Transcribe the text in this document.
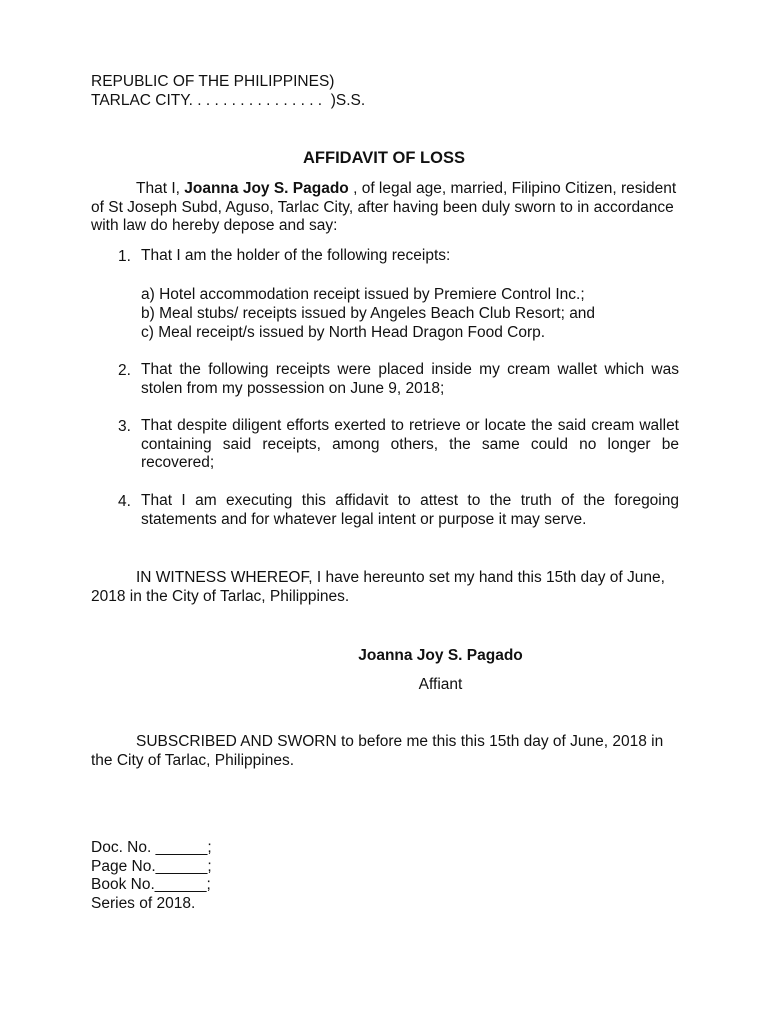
REPUBLIC OF THE PHILIPPINES)
TARLAC CITY. . . . . . . . . . . . . . . .  )S.S.
AFFIDAVIT OF LOSS
That I, Joanna Joy S. Pagado , of legal age, married, Filipino Citizen, resident of St Joseph Subd, Aguso, Tarlac City, after having been duly sworn to in accordance with law do hereby depose and say:
1. That I am the holder of the following receipts:
a) Hotel accommodation receipt issued by Premiere Control Inc.;
b) Meal stubs/ receipts issued by Angeles Beach Club Resort; and
c) Meal receipt/s issued by North Head Dragon Food Corp.
2. That the following receipts were placed inside my cream wallet which was stolen from my possession on June 9, 2018;
3. That despite diligent efforts exerted to retrieve or locate the said cream wallet containing said receipts, among others, the same could no longer be recovered;
4. That I am executing this affidavit to attest to the truth of the foregoing statements and for whatever legal intent or purpose it may serve.
IN WITNESS WHEREOF, I have hereunto set my hand this 15th day of June, 2018 in the City of Tarlac, Philippines.
Joanna Joy S. Pagado
Affiant
SUBSCRIBED AND SWORN to before me this this 15th day of June, 2018 in the City of Tarlac, Philippines.
Doc. No. ______;
Page No.______;
Book No.______;
Series of 2018.
